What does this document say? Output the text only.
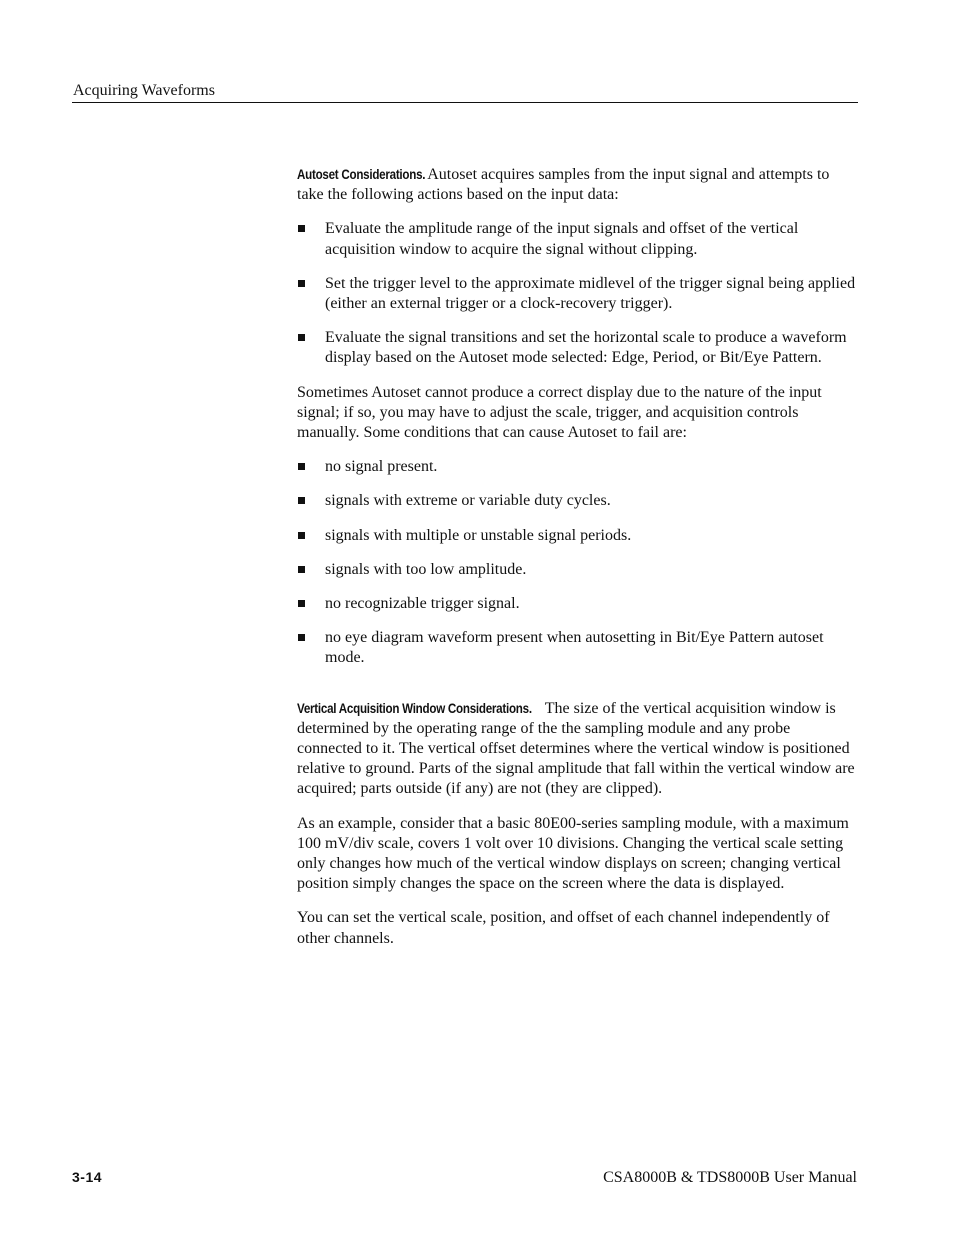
Acquiring Waveforms

Autoset Considerations. Autoset acquires samples from the input signal and attempts to take the following actions based on the input data:

Evaluate the amplitude range of the input signals and offset of the vertical acquisition window to acquire the signal without clipping.
Set the trigger level to the approximate midlevel of the trigger signal being applied (either an external trigger or a clock-recovery trigger).
Evaluate the signal transitions and set the horizontal scale to produce a waveform display based on the Autoset mode selected: Edge, Period, or Bit/Eye Pattern.

Sometimes Autoset cannot produce a correct display due to the nature of the input signal; if so, you may have to adjust the scale, trigger, and acquisition controls manually. Some conditions that can cause Autoset to fail are:

no signal present.
signals with extreme or variable duty cycles.
signals with multiple or unstable signal periods.
signals with too low amplitude.
no recognizable trigger signal.
no eye diagram waveform present when autosetting in Bit/Eye Pattern autoset mode.

Vertical Acquisition Window Considerations. The size of the vertical acquisition window is determined by the operating range of the the sampling module and any probe connected to it. The vertical offset determines where the vertical window is positioned relative to ground. Parts of the signal amplitude that fall within the vertical window are acquired; parts outside (if any) are not (they are clipped).

As an example, consider that a basic 80E00-series sampling module, with a maximum 100 mV/div scale, covers 1 volt over 10 divisions. Changing the vertical scale setting only changes how much of the vertical window displays on screen; changing vertical position simply changes the space on the screen where the data is displayed.

You can set the vertical scale, position, and offset of each channel independently of other channels.

3-14	CSA8000B & TDS8000B User Manual
